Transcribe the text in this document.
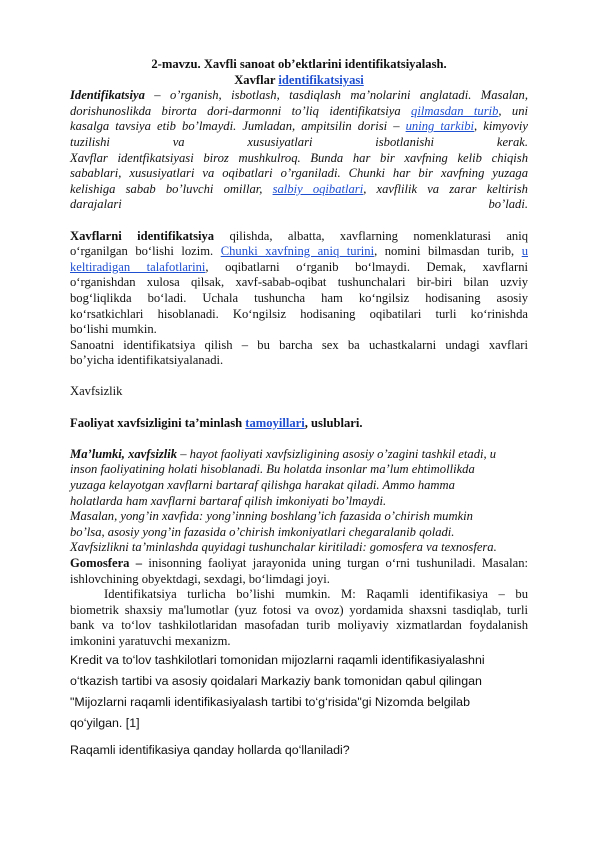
2-mavzu. Xavfli sanoat ob’ektlarini identifikatsiyalash.

Xavflar identifikatsiyasi

Identifikatsiya – o’rganish, isbotlash, tasdiqlash ma’nolarini anglatadi. Masalan,

dorishunoslikda birorta dori-darmonni to’liq identifikatsiya qilmasdan turib, uni

kasalga tavsiya etib bo’lmaydi. Jumladan, ampitsilin dorisi – uning tarkibi, kimyoviy

tuzilishi va xususiyatlari isbotlanishi kerak.

Xavflar identfikatsiyasi biroz mushkulroq. Bunda har bir xavfning kelib chiqish

sabablari, xususiyatlari va oqibatlari o’rganiladi. Chunki har bir xavfning yuzaga

kelishiga sabab bo’luvchi omillar, salbiy oqibatlari, xavflilik va zarar keltirish

darajalari bo’ladi.

Xavflarni identifikatsiya qilishda, albatta, xavflarning nomenklaturasi aniq

o‘rganilgan bo‘lishi lozim. Chunki xavfning aniq turini, nomini bilmasdan turib, u

keltiradigan talafotlarini, oqibatlarni o‘rganib bo‘lmaydi. Demak, xavflarni

o‘rganishdan xulosa qilsak, xavf-sabab-oqibat tushunchalari bir-biri bilan uzviy

bog‘liqlikda bo‘ladi. Uchala tushuncha ham ko‘ngilsiz hodisaning asosiy

ko‘rsatkichlari hisoblanadi. Ko‘ngilsiz hodisaning oqibatilari turli ko‘rinishda

bo‘lishi mumkin.

Sanoatni identifikatsiya qilish – bu barcha sex ba uchastkalarni undagi xavflari

bo’yicha identifikatsiyalanadi.

Xavfsizlik

Faoliyat xavfsizligini ta’minlash tamoyillari, uslublari.

Ma’lumki, xavfsizlik – hayot faoliyati xavfsizligining asosiy o’zagini tashkil etadi, u

inson faoliyatining holati hisoblanadi. Bu holatda insonlar ma’lum ehtimollikda

yuzaga kelayotgan xavflarni bartaraf qilishga harakat qiladi. Ammo hamma

holatlarda ham xavflarni bartaraf qilish imkoniyati bo’lmaydi.

Masalan, yong’in xavfida: yong’inning boshlang’ich fazasida o’chirish mumkin

bo’lsa, asosiy yong’in fazasida o’chirish imkoniyatlari chegaralanib qoladi.

Xavfsizlikni ta’minlashda quyidagi tushunchalar kiritiladi: gomosfera va texnosfera.

Gomosfera – inisonning faoliyat jarayonida uning turgan o‘rni tushuniladi. Masalan:

ishlovchining obyektdagi, sexdagi, bo‘limdagi joyi.

Identifikatsiya turlicha bo’lishi mumkin. M: Raqamli identifikasiya – bu

biometrik shaxsiy ma'lumotlar (yuz fotosi va ovoz) yordamida shaxsni tasdiqlab, turli

bank va to‘lov tashkilotlaridan masofadan turib moliyaviy xizmatlardan foydalanish

imkonini yaratuvchi mexanizm.

Kredit va to‘lov tashkilotlari tomonidan mijozlarni raqamli identifikasiyalashni

o‘tkazish tartibi va asosiy qoidalari Markaziy bank tomonidan qabul qilingan

"Mijozlarni raqamli identifikasiyalash tartibi to‘g‘risida"gi Nizomda belgilab

qo‘yilgan. [1]

Raqamli identifikasiya qanday hollarda qo‘llaniladi?
